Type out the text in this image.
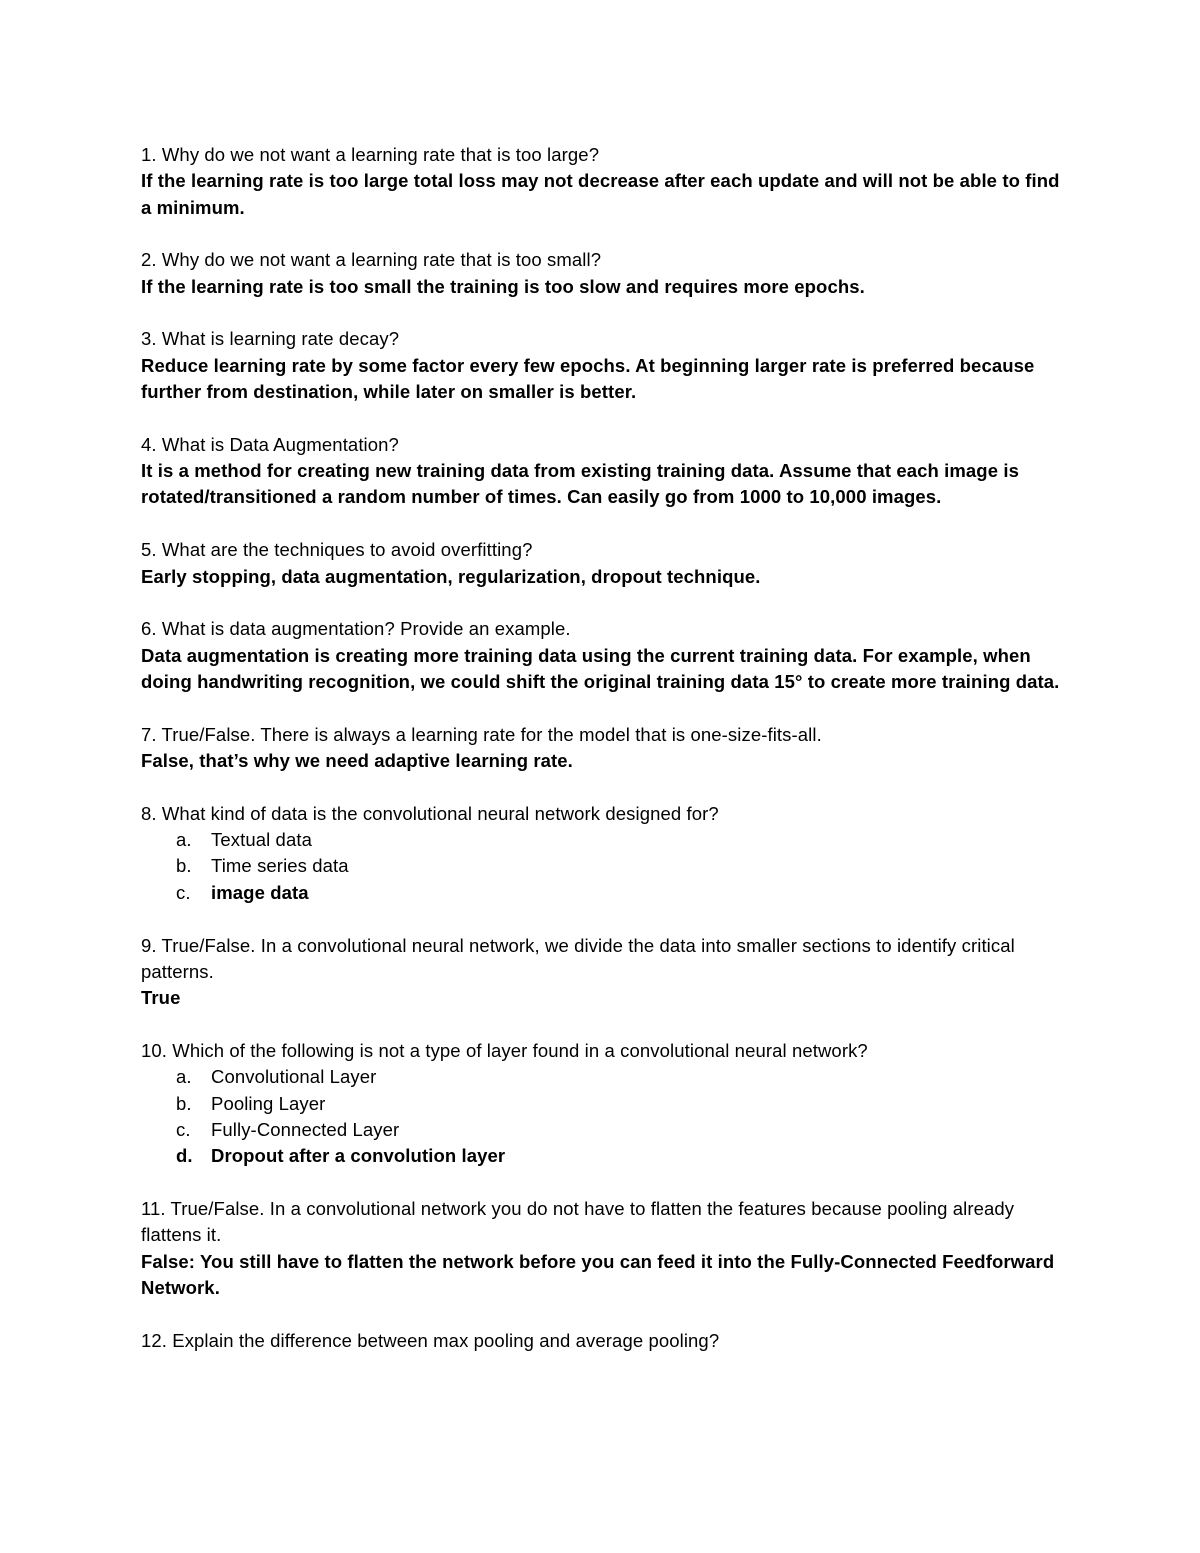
1. Why do we not want a learning rate that is too large?
If the learning rate is too large total loss may not decrease after each update and will not be able to find a minimum.
2. Why do we not want a learning rate that is too small?
If the learning rate is too small the training is too slow and requires more epochs.
3. What is learning rate decay?
Reduce learning rate by some factor every few epochs. At beginning larger rate is preferred because further from destination, while later on smaller is better.
4. What is Data Augmentation?
It is a method for creating new training data from existing training data. Assume that each image is rotated/transitioned a random number of times. Can easily go from 1000 to 10,000 images.
5. What are the techniques to avoid overfitting?
Early stopping, data augmentation, regularization, dropout technique.
6. What is data augmentation? Provide an example.
Data augmentation is creating more training data using the current training data. For example, when doing handwriting recognition, we could shift the original training data 15° to create more training data.
7. True/False. There is always a learning rate for the model that is one-size-fits-all.
False, that’s why we need adaptive learning rate.
8. What kind of data is the convolutional neural network designed for?
a.	Textual data
b.	Time series data
c.	image data
9. True/False. In a convolutional neural network, we divide the data into smaller sections to identify critical patterns.
True
10. Which of the following is not a type of layer found in a convolutional neural network?
a.	Convolutional Layer
b.	Pooling Layer
c.	Fully-Connected Layer
d. Dropout after a convolution layer
11. True/False. In a convolutional network you do not have to flatten the features because pooling already flattens it.
False: You still have to flatten the network before you can feed it into the Fully-Connected Feedforward Network.
12. Explain the difference between max pooling and average pooling?
